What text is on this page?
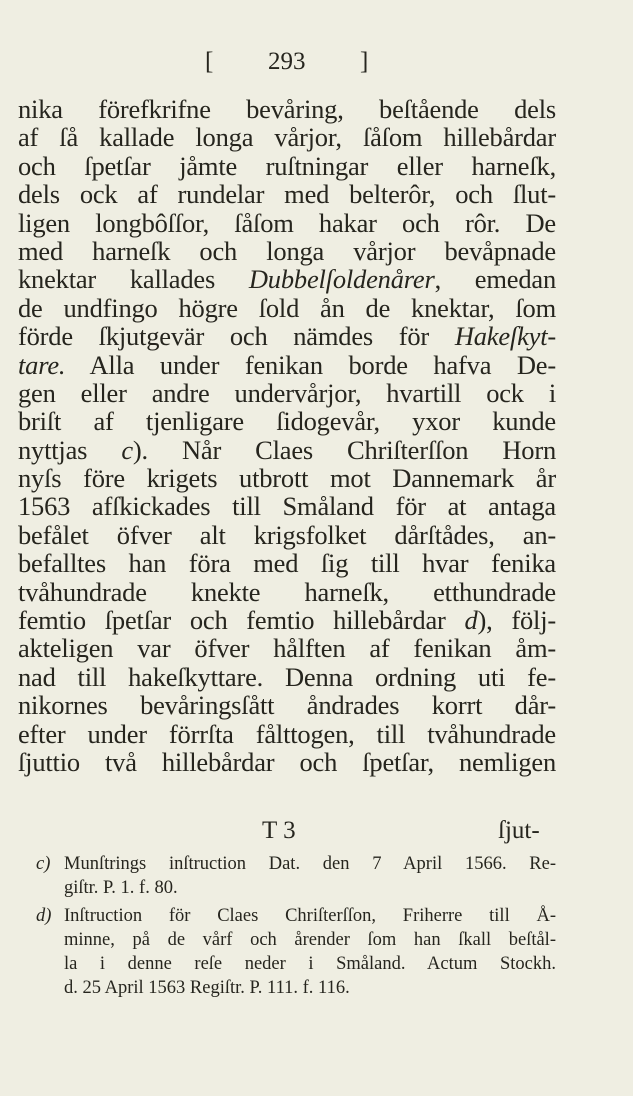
[ 293 ]
nika förefkrifne bevåring, beſtående dels
af ſå kallade longa vårjor, ſåſom hillebårdar
och ſpetſar jåmte ruſtningar eller harneſk,
dels ock af rundelar med belterôr, och ſlut-
ligen longbôſſor, ſåſom hakar och rôr. De
med harneſk och longa vårjor bevåpnade
knektar kallades Dubbelſoldenårer, emedan
de undfingo högre ſold ån de knektar, ſom
förde ſkjutgevär och nämdes för Hakeſkyt-
tare. Alla under fenikan borde hafva De-
gen eller andre undervårjor, hvartill ock i
briſt af tjenligare ſidogevår, yxor kunde
nyttjas c). Når Claes Chriſterſſon Horn
nyſs före krigets utbrott mot Dannemark år
1563 afſkickades till Småland för at antaga
befålet öfver alt krigsfolket dårſtådes, an-
befalltes han föra med ſig till hvar fenika
tvåhundrade knekte harneſk, etthundrade
femtio ſpetſar och femtio hillebårdar d), följ-
akteligen var öfver hålften af fenikan åm-
nad till hakeſkyttare. Denna ordning uti fe-
nikornes bevåringsſått åndrades korrt dår-
efter under förrſta fålttogen, till tvåhundrade
ſjuttio två hillebårdar och ſpetſar, nemligen
T 3	ſjut-
c) Munſtrings inſtruction Dat. den 7 April 1566. Re-
giſtr. P. 1. f. 80.
d) Inſtruction för Claes Chriſterſſon, Friherre till Å-
minne, på de vårf och årender ſom han ſkall beſtål-
la i denne reſe neder i Småland. Actum Stockh.
d. 25 April 1563 Regiſtr. P. 111. f. 116.
